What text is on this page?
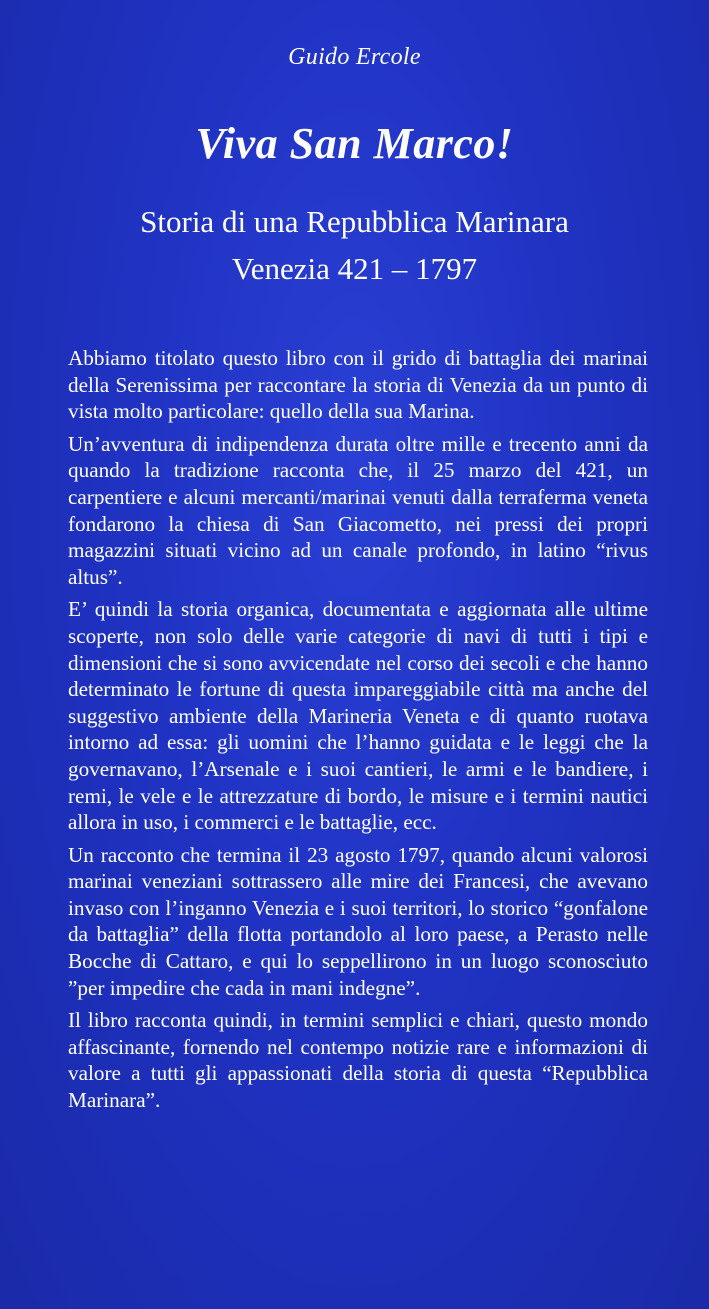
Guido Ercole
Viva San Marco!
Storia di una Repubblica Marinara
Venezia 421 – 1797

Abbiamo titolato questo libro con il grido di battaglia dei marinai della Serenissima per raccontare la storia di Venezia da un punto di vista molto particolare: quello della sua Marina.

Un’avventura di indipendenza durata oltre mille e trecento anni da quando la tradizione racconta che, il 25 marzo del 421, un carpentiere e alcuni mercanti/marinai venuti dalla terraferma veneta fondarono la chiesa di San Giacometto, nei pressi dei propri magazzini situati vicino ad un canale profondo, in latino “rivus altus”.

E’ quindi la storia organica, documentata e aggiornata alle ultime scoperte, non solo delle varie categorie di navi di tutti i tipi e dimensioni che si sono avvicendate nel corso dei secoli e che hanno determinato le fortune di questa impareggiabile città ma anche del suggestivo ambiente della Marineria Veneta e di quanto ruotava intorno ad essa: gli uomini che l’hanno guidata e le leggi che la governavano, l’Arsenale e i suoi cantieri, le armi e le bandiere, i remi, le vele e le attrezzature di bordo, le misure e i termini nautici allora in uso, i commerci e le battaglie, ecc.

Un racconto che termina il 23 agosto 1797, quando alcuni valorosi marinai veneziani sottrassero alle mire dei Francesi, che avevano invaso con l’inganno Venezia e i suoi territori, lo storico “gonfalone da battaglia” della flotta portandolo al loro paese, a Perasto nelle Bocche di Cattaro, e qui lo seppellirono in un luogo sconosciuto ”per impedire che cada in mani indegne”.

Il libro racconta quindi, in termini semplici e chiari, questo mondo affascinante, fornendo nel contempo notizie rare e informazioni di valore a tutti gli appassionati della storia di questa “Repubblica Marinara”.
